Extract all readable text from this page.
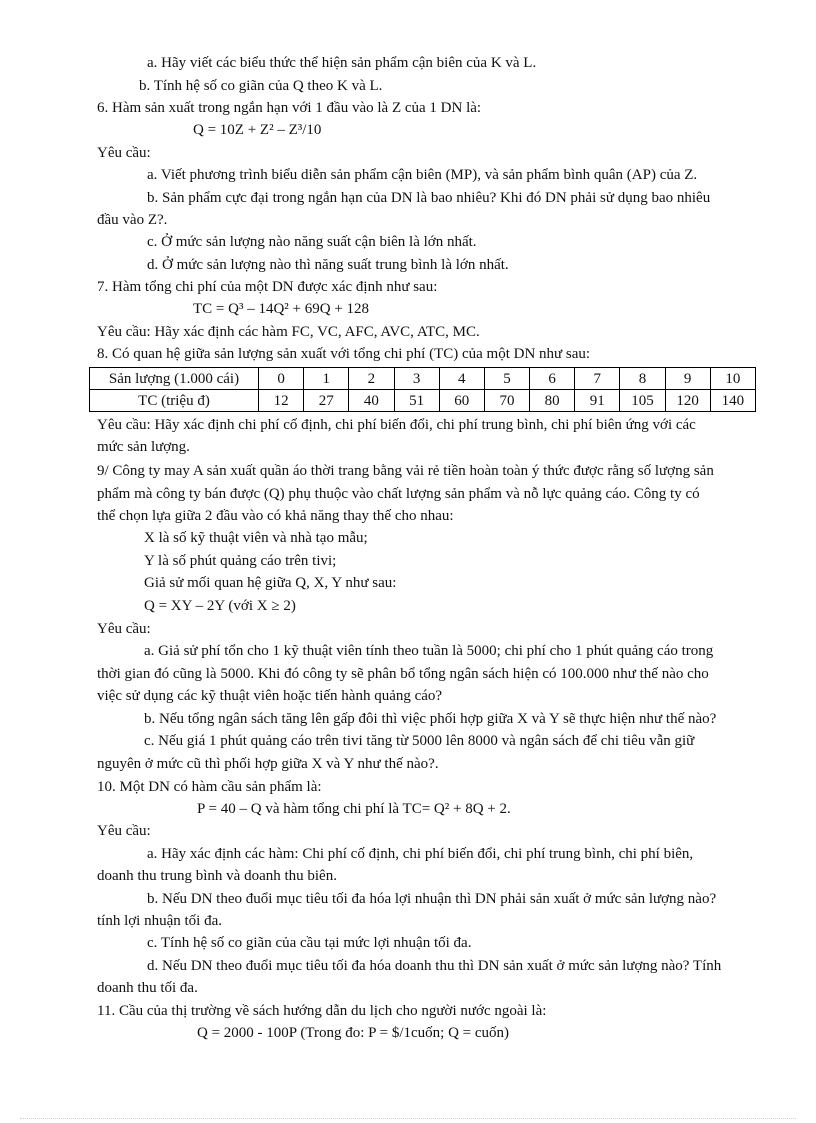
a. Hãy viết các biểu thức thể hiện sản phẩm cận biên của K và L.

b. Tính hệ số co giãn của Q theo K và L.

6. Hàm sản xuất trong ngắn hạn với 1 đầu vào là Z của 1 DN là:

Q = 10Z + Z² – Z³/10

Yêu cầu:

a. Viết phương trình biểu diễn sản phẩm cận biên (MP), và sản phẩm bình quân (AP) của Z.

b. Sản phẩm cực đại trong ngắn hạn của DN là bao nhiêu? Khi đó DN phải sử dụng bao nhiêu

đầu vào Z?.

c. Ở mức sản lượng nào năng suất cận biên là lớn nhất.

d. Ở mức sản lượng nào thì năng suất trung bình là lớn nhất.

7. Hàm tổng chi phí của một DN được xác định như sau:

TC = Q³ – 14Q² + 69Q + 128

Yêu cầu: Hãy xác định các hàm FC, VC, AFC, AVC, ATC, MC.

8. Có quan hệ giữa sản lượng sản xuất với tổng chi phí (TC) của một DN như sau:

Sản lượng (1.000 cái)	0	1	2	3	4	5	6	7	8	9	10
TC (triệu đ)	12	27	40	51	60	70	80	91	105	120	140

Yêu cầu: Hãy xác định chi phí cố định, chi phí biến đổi, chi phí trung bình, chi phí biên ứng với các

mức sản lượng.

9/ Công ty may A sản xuất quần áo thời trang bằng vải rẻ tiền hoàn toàn ý thức được rằng số lượng sản

phẩm mà công ty bán được (Q) phụ thuộc vào chất lượng sản phẩm và nỗ lực quảng cáo. Công ty có

thể chọn lựa giữa 2 đầu vào có khả năng thay thế cho nhau:

X là số kỹ thuật viên và nhà tạo mẫu;

Y là số phút quảng cáo trên tivi;

Giả sử mối quan hệ giữa Q, X, Y như sau:

Q = XY – 2Y (với X ≥ 2)

Yêu cầu:

a. Giả sử phí tổn cho 1 kỹ thuật viên tính theo tuần là 5000; chi phí cho 1 phút quảng cáo trong

thời gian đó cũng là 5000. Khi đó công ty sẽ phân bổ tổng ngân sách hiện có 100.000 như thế nào cho

việc sử dụng các kỹ thuật viên hoặc tiến hành quảng cáo?

b. Nếu tổng ngân sách tăng lên gấp đôi thì việc phối hợp giữa X và Y sẽ thực hiện như thế nào?

c. Nếu giá 1 phút quảng cáo trên tivi tăng từ 5000 lên 8000 và ngân sách để chi tiêu vẫn giữ

nguyên ở mức cũ thì phối hợp giữa X và Y như thế nào?.

10. Một DN có hàm cầu sản phẩm là:

P = 40 – Q và hàm tổng chi phí là TC= Q² + 8Q + 2.

Yêu cầu:

a. Hãy xác định các hàm: Chi phí cố định, chi phí biến đổi, chi phí trung bình, chi phí biên,

doanh thu trung bình và doanh thu biên.

b. Nếu DN theo đuổi mục tiêu tối đa hóa lợi nhuận thì DN phải sản xuất ở mức sản lượng nào?

tính lợi nhuận tối đa.

c. Tính hệ số co giãn của cầu tại mức lợi nhuận tối đa.

d. Nếu DN theo đuổi mục tiêu tối đa hóa doanh thu thì DN sản xuất ở mức sản lượng nào? Tính

doanh thu tối đa.

11. Cầu của thị trường về sách hướng dẫn du lịch cho người nước ngoài là:

Q = 2000 - 100P (Trong đo: P = $/1cuốn; Q = cuốn)
